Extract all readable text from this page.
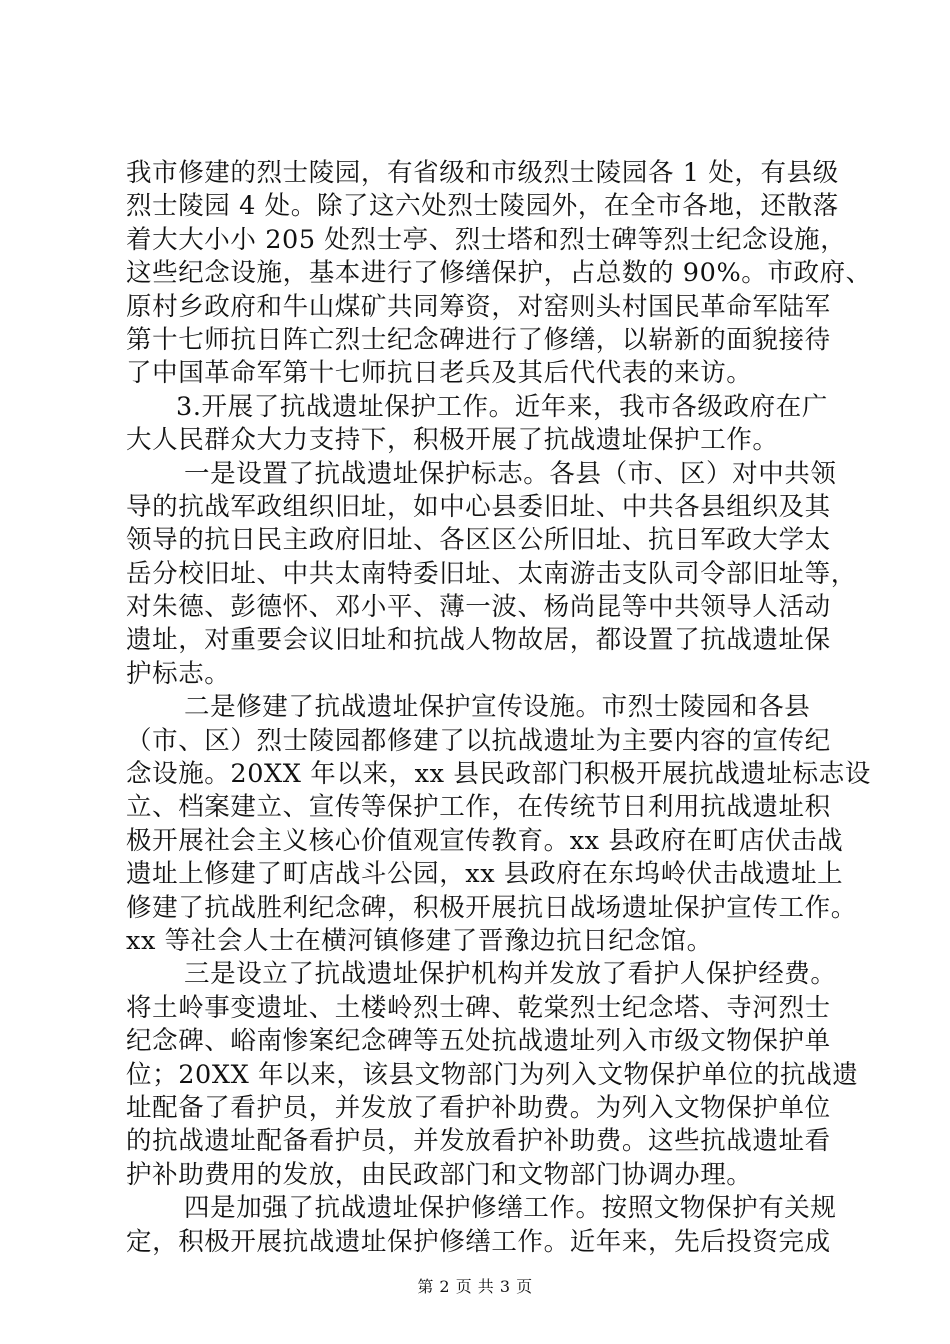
我市修建的烈士陵园，有省级和市级烈士陵园各 1 处，有县级
烈士陵园 4 处。除了这六处烈士陵园外，在全市各地，还散落
着大大小小 205 处烈士亭、烈士塔和烈士碑等烈士纪念设施，
这些纪念设施，基本进行了修缮保护，占总数的 90%。市政府、
原村乡政府和牛山煤矿共同筹资，对窑则头村国民革命军陆军
第十七师抗日阵亡烈士纪念碑进行了修缮，以崭新的面貌接待
了中国革命军第十七师抗日老兵及其后代代表的来访。
3.开展了抗战遗址保护工作。近年来，我市各级政府在广
大人民群众大力支持下，积极开展了抗战遗址保护工作。
一是设置了抗战遗址保护标志。各县（市、区）对中共领
导的抗战军政组织旧址，如中心县委旧址、中共各县组织及其
领导的抗日民主政府旧址、各区区公所旧址、抗日军政大学太
岳分校旧址、中共太南特委旧址、太南游击支队司令部旧址等，
对朱德、彭德怀、邓小平、薄一波、杨尚昆等中共领导人活动
遗址，对重要会议旧址和抗战人物故居，都设置了抗战遗址保
护标志。
二是修建了抗战遗址保护宣传设施。市烈士陵园和各县
（市、区）烈士陵园都修建了以抗战遗址为主要内容的宣传纪
念设施。20XX 年以来，xx 县民政部门积极开展抗战遗址标志设
立、档案建立、宣传等保护工作，在传统节日利用抗战遗址积
极开展社会主义核心价值观宣传教育。xx 县政府在町店伏击战
遗址上修建了町店战斗公园，xx 县政府在东坞岭伏击战遗址上
修建了抗战胜利纪念碑，积极开展抗日战场遗址保护宣传工作。
xx 等社会人士在横河镇修建了晋豫边抗日纪念馆。
三是设立了抗战遗址保护机构并发放了看护人保护经费。
将土岭事变遗址、土楼岭烈士碑、乾棠烈士纪念塔、寺河烈士
纪念碑、峪南惨案纪念碑等五处抗战遗址列入市级文物保护单
位；20XX 年以来，该县文物部门为列入文物保护单位的抗战遗
址配备了看护员，并发放了看护补助费。为列入文物保护单位
的抗战遗址配备看护员，并发放看护补助费。这些抗战遗址看
护补助费用的发放，由民政部门和文物部门协调办理。
四是加强了抗战遗址保护修缮工作。按照文物保护有关规
定，积极开展抗战遗址保护修缮工作。近年来，先后投资完成
第 2 页 共 3 页
